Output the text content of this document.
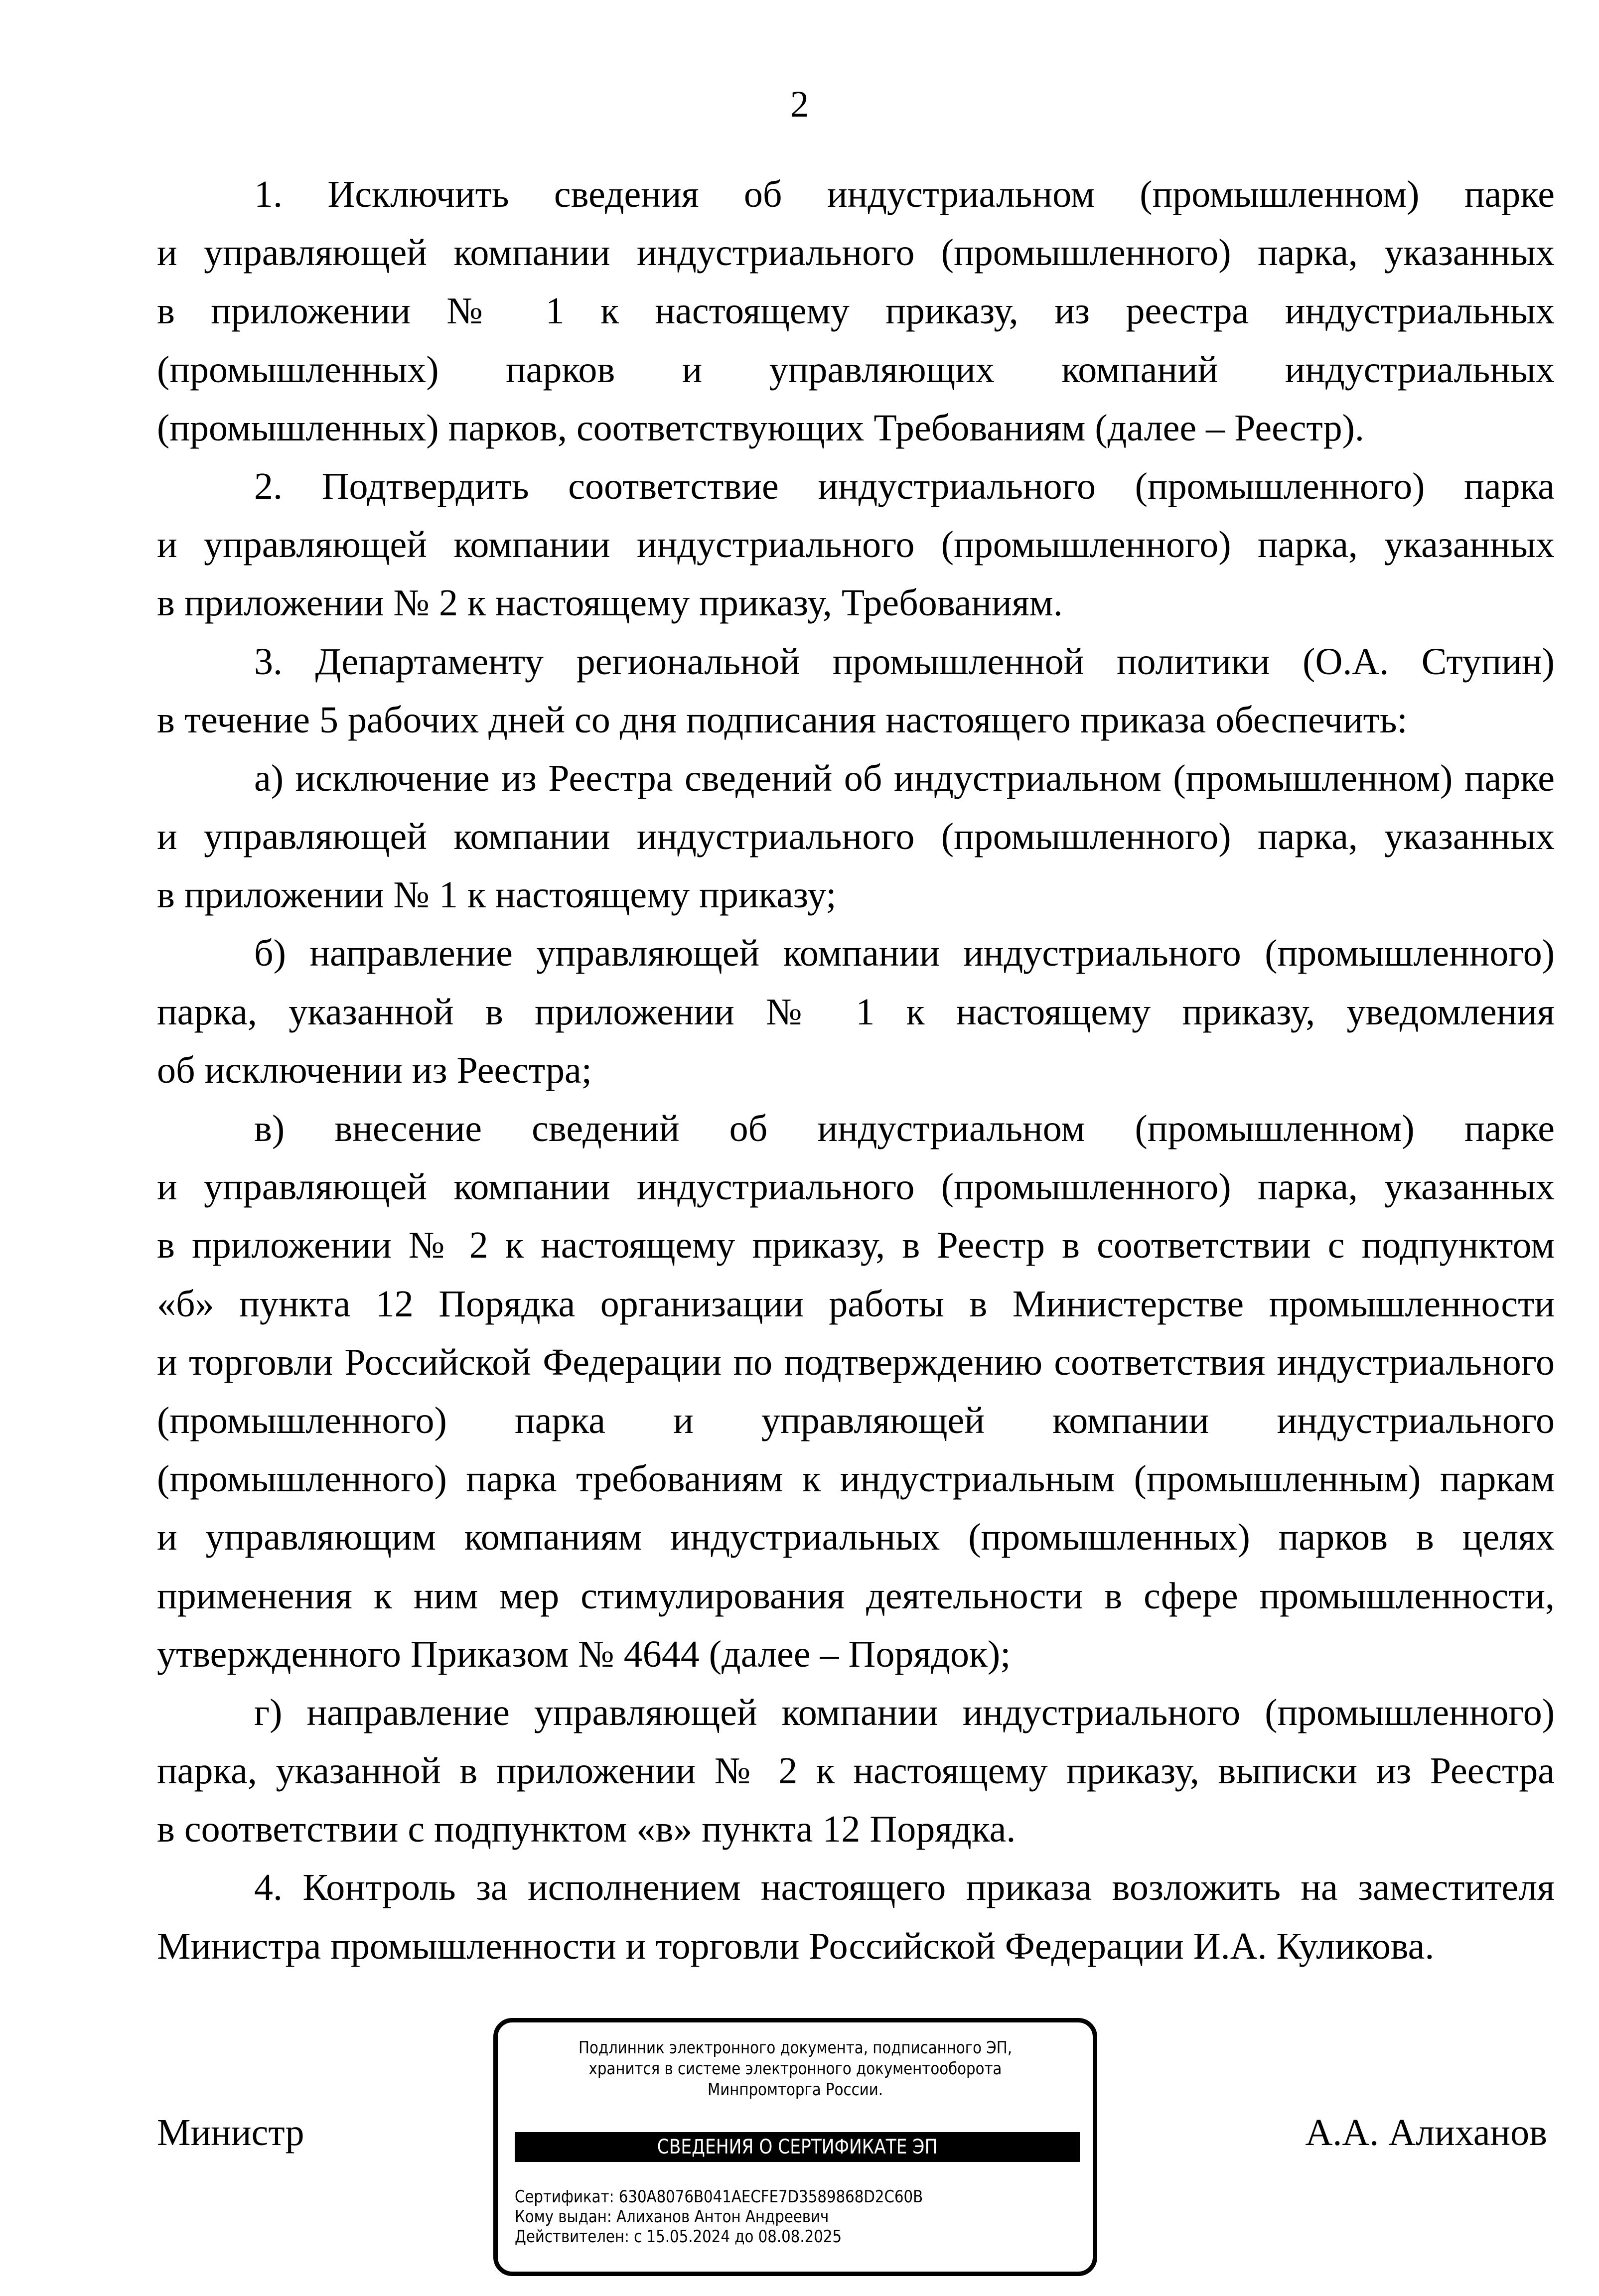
2
1. Исключить сведения об индустриальном (промышленном) парке
и управляющей компании индустриального (промышленного) парка, указанных
в приложении № 1 к настоящему приказу, из реестра индустриальных
(промышленных) парков и управляющих компаний индустриальных
(промышленных) парков, соответствующих Требованиям (далее – Реестр).
2. Подтвердить соответствие индустриального (промышленного) парка
и управляющей компании индустриального (промышленного) парка, указанных
в приложении № 2 к настоящему приказу, Требованиям.
3. Департаменту региональной промышленной политики (О.А. Ступин)
в течение 5 рабочих дней со дня подписания настоящего приказа обеспечить:
а) исключение из Реестра сведений об индустриальном (промышленном) парке
и управляющей компании индустриального (промышленного) парка, указанных
в приложении № 1 к настоящему приказу;
б) направление управляющей компании индустриального (промышленного)
парка, указанной в приложении № 1 к настоящему приказу, уведомления
об исключении из Реестра;
в) внесение сведений об индустриальном (промышленном) парке
и управляющей компании индустриального (промышленного) парка, указанных
в приложении № 2 к настоящему приказу, в Реестр в соответствии с подпунктом
«б» пункта 12 Порядка организации работы в Министерстве промышленности
и торговли Российской Федерации по подтверждению соответствия индустриального
(промышленного) парка и управляющей компании индустриального
(промышленного) парка требованиям к индустриальным (промышленным) паркам
и управляющим компаниям индустриальных (промышленных) парков в целях
применения к ним мер стимулирования деятельности в сфере промышленности,
утвержденного Приказом № 4644 (далее – Порядок);
г) направление управляющей компании индустриального (промышленного)
парка, указанной в приложении № 2 к настоящему приказу, выписки из Реестра
в соответствии с подпунктом «в» пункта 12 Порядка.
4. Контроль за исполнением настоящего приказа возложить на заместителя
Министра промышленности и торговли Российской Федерации И.А. Куликова.
Министр	А.А. Алиханов
Подлинник электронного документа, подписанного ЭП,
хранится в системе электронного документооборота
Минпромторга России.
СВЕДЕНИЯ О СЕРТИФИКАТЕ ЭП
Сертификат: 630A8076B041AECFE7D3589868D2C60B
Кому выдан: Алиханов Антон Андреевич
Действителен: с 15.05.2024 до 08.08.2025
